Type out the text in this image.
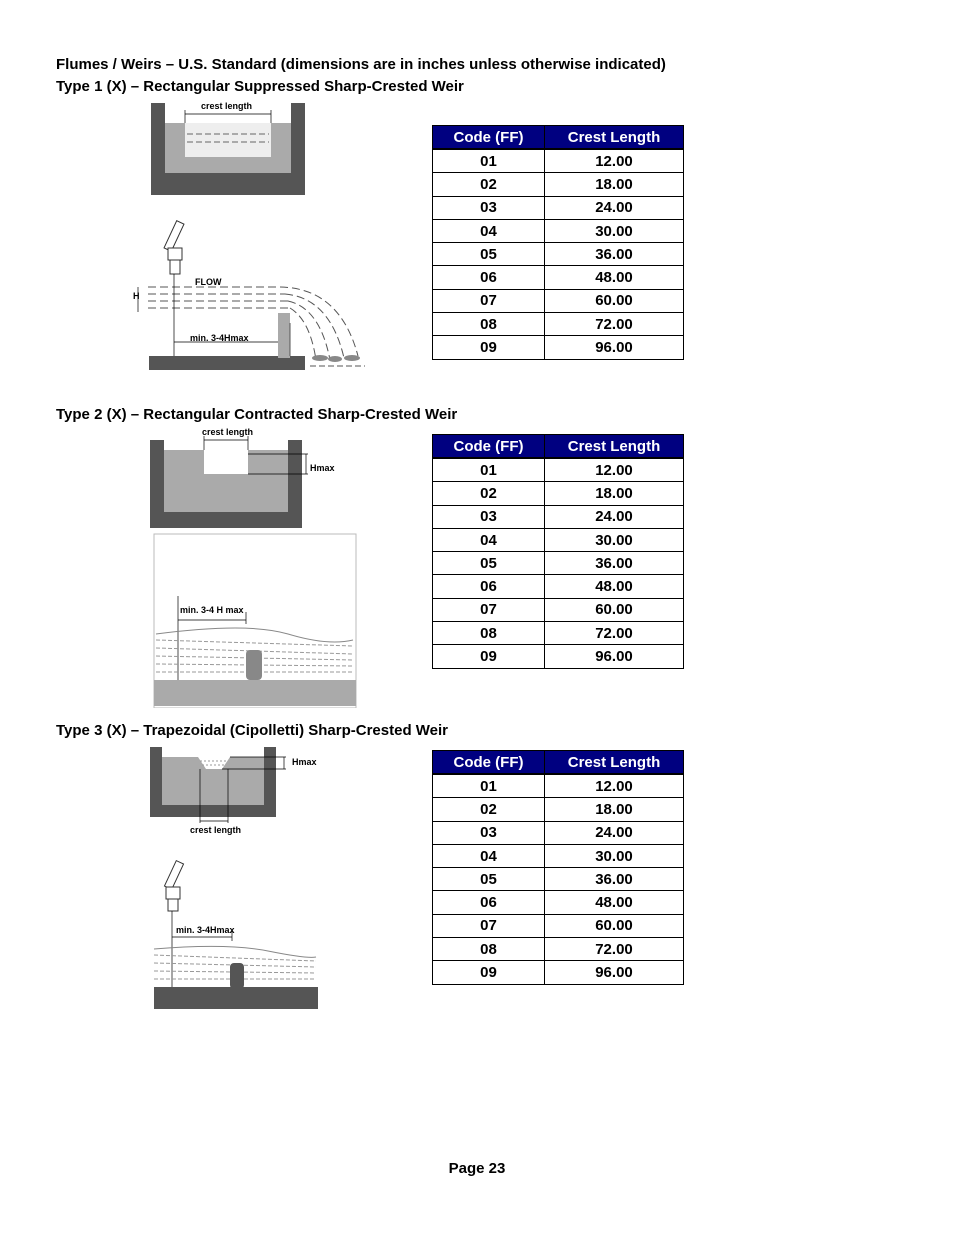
Flumes / Weirs – U.S. Standard (dimensions are in inches unless otherwise indicated)
Type 1 (X) – Rectangular Suppressed Sharp-Crested Weir
crest length
FLOW
H
min. 3-4Hmax
Code (FF)	Crest Length
01	12.00
02	18.00
03	24.00
04	30.00
05	36.00
06	48.00
07	60.00
08	72.00
09	96.00
Type 2 (X) – Rectangular Contracted Sharp-Crested Weir
crest length
Hmax
min. 3-4 H max
Code (FF)	Crest Length
01	12.00
02	18.00
03	24.00
04	30.00
05	36.00
06	48.00
07	60.00
08	72.00
09	96.00
Type 3 (X) – Trapezoidal (Cipolletti) Sharp-Crested Weir
Hmax
crest length
min. 3-4Hmax
Code (FF)	Crest Length
01	12.00
02	18.00
03	24.00
04	30.00
05	36.00
06	48.00
07	60.00
08	72.00
09	96.00
Page 23
